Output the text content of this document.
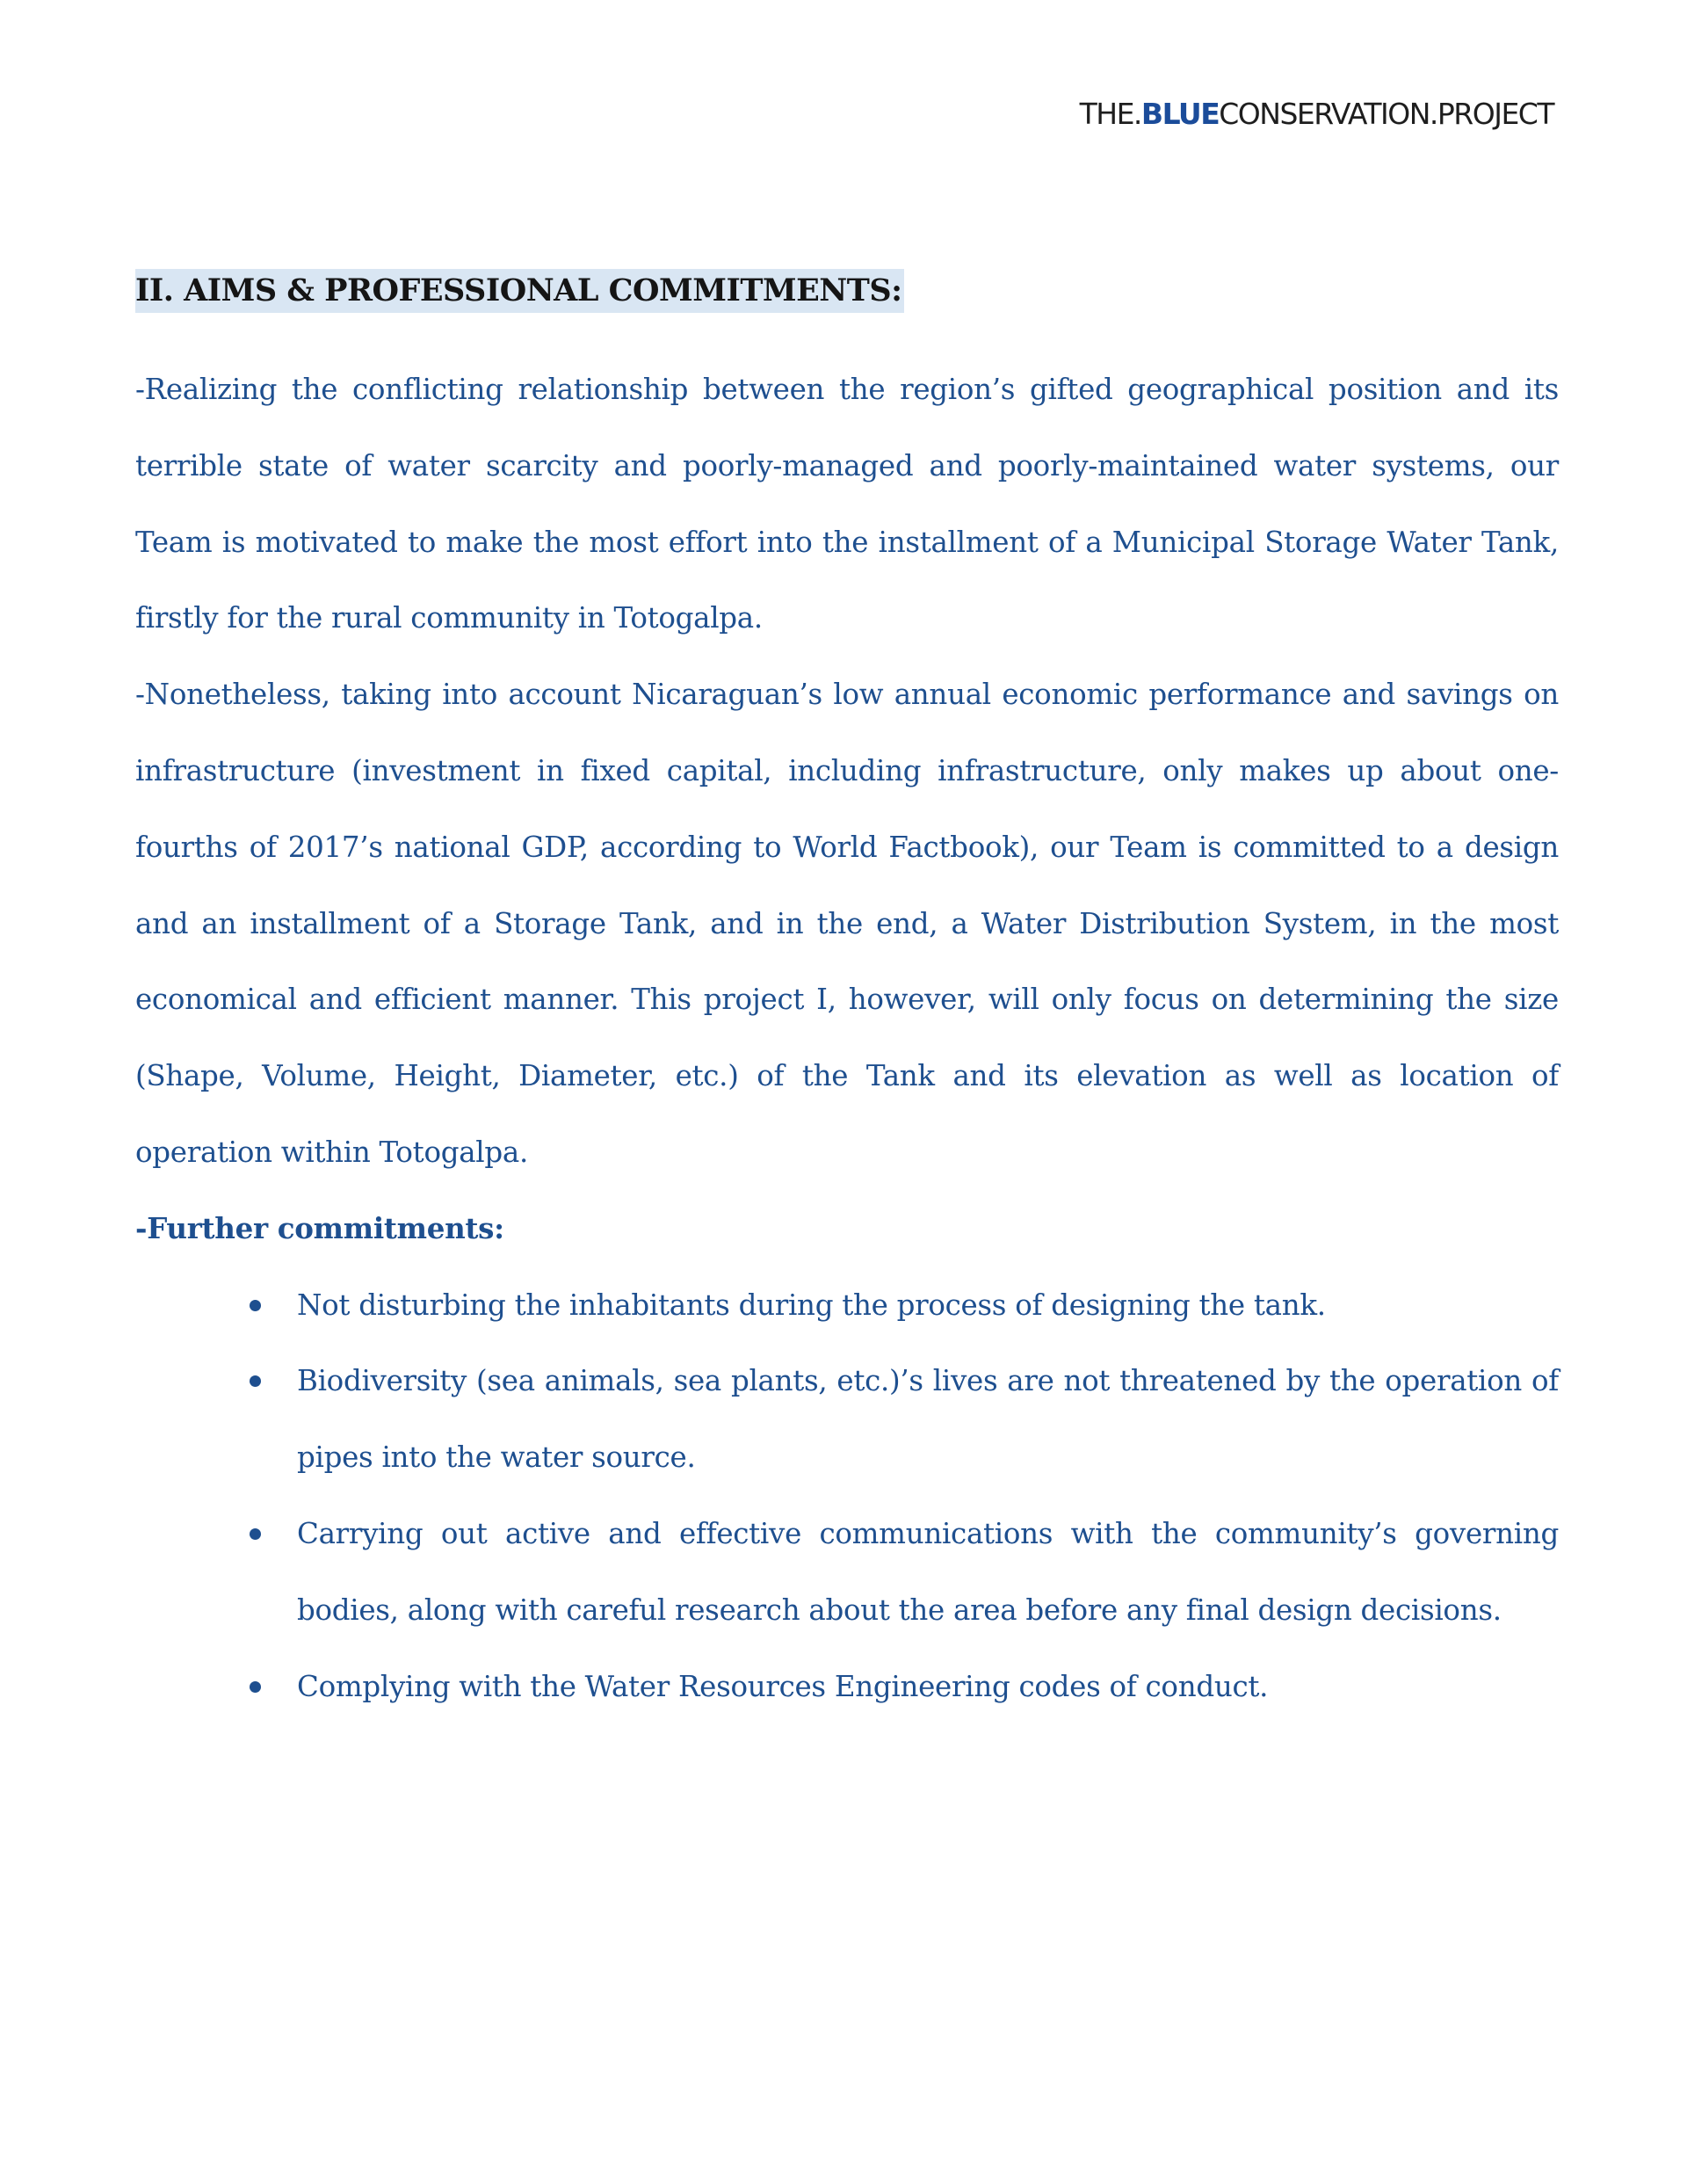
THE.BLUECONSERVATION.PROJECT
II. AIMS & PROFESSIONAL COMMITMENTS:

-Realizing the conflicting relationship between the region’s gifted geographical position and its terrible state of water scarcity and poorly-managed and poorly-maintained water systems, our Team is motivated to make the most effort into the installment of a Municipal Storage Water Tank, firstly for the rural community in Totogalpa.

-Nonetheless, taking into account Nicaraguan’s low annual economic performance and savings on infrastructure (investment in fixed capital, including infrastructure, only makes up about one-fourths of 2017’s national GDP, according to World Factbook), our Team is committed to a design and an installment of a Storage Tank, and in the end, a Water Distribution System, in the most economical and efficient manner. This project I, however, will only focus on determining the size (Shape, Volume, Height, Diameter, etc.) of the Tank and its elevation as well as location of operation within Totogalpa.

-Further commitments:

Not disturbing the inhabitants during the process of designing the tank.
Biodiversity (sea animals, sea plants, etc.)’s lives are not threatened by the operation of pipes into the water source.
Carrying out active and effective communications with the community’s governing bodies, along with careful research about the area before any final design decisions.
Complying with the Water Resources Engineering codes of conduct.
